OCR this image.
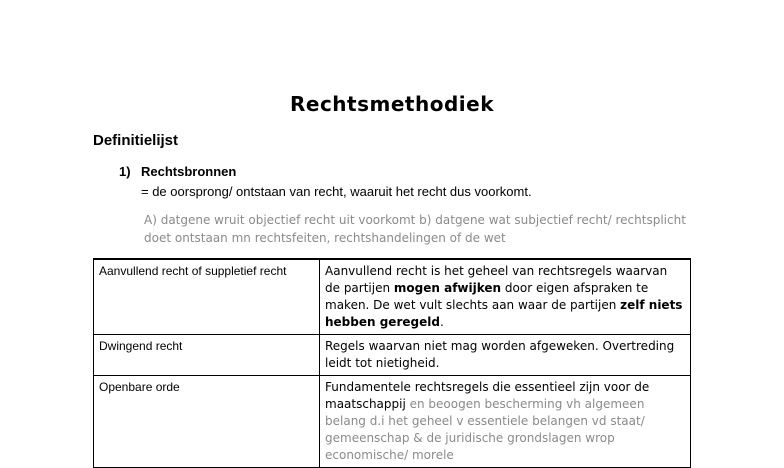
Rechtsmethodiek
Definitielijst
1) Rechtsbronnen
= de oorsprong/ ontstaan van recht, waaruit het recht dus voorkomt.
A) datgene wruit objectief recht uit voorkomt b) datgene wat subjectief recht/ rechtsplicht doet ontstaan mn rechtsfeiten, rechtshandelingen of de wet
Aanvullend recht of suppletief recht	Aanvullend recht is het geheel van rechtsregels waarvan de partijen mogen afwijken door eigen afspraken te maken. De wet vult slechts aan waar de partijen zelf niets hebben geregeld.
Dwingend recht	Regels waarvan niet mag worden afgeweken. Overtreding leidt tot nietigheid.
Openbare orde	Fundamentele rechtsregels die essentieel zijn voor de maatschappij en beoogen bescherming vh algemeen belang d.i het geheel v essentiele belangen vd staat/ gemeenschap & de juridische grondslagen wrop economische/ morele
